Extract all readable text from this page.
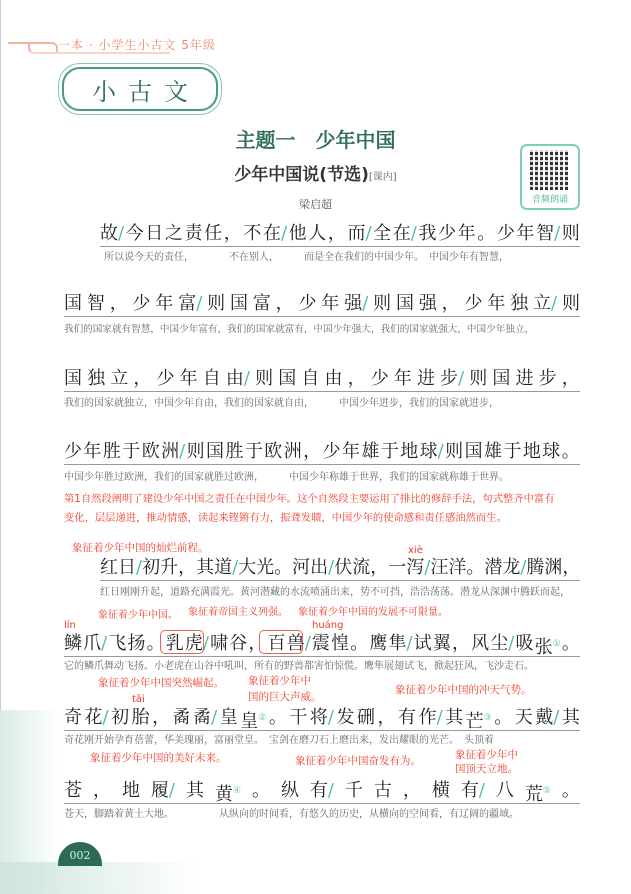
一本 · 小学生小古文 5年级
小古文
主题一　少年中国
少年中国说(节选)[课内]
梁启超	音频朗诵
故/ 今 日 之 责 任 ， 不 在/ 他 人 ， 而/ 全 在/ 我 少 年 。 少 年 智/ 则
所以说今天的责任，　　　　不在别人，　　　而是全在我们的中国少年。　中国少年有智慧，
国 智 ， 少 年 富/ 则 国 富 ， 少 年 强/ 则 国 强 ， 少 年 独 立/ 则
我们的国家就有智慧，中国少年富有，我们的国家就富有，中国少年强大，我们的国家就强大，中国少年独立，
国 独 立 ， 少 年 自 由/ 则 国 自 由 ， 少 年 进 步/ 则 国 进 步 ，
我们的国家就独立，中国少年自由，我们的国家就自由，　　　中国少年进步，我们的国家就进步，
少 年 胜 于 欧 洲/ 则 国 胜 于 欧 洲 ， 少 年 雄 于 地 球/ 则 国 雄 于 地 球 。
中国少年胜过欧洲，我们的国家就胜过欧洲，　　　中国少年称雄于世界，我们的国家就称雄于世界。
第1自然段阐明了建设少年中国之责任在中国少年。这个自然段主要运用了排比的修辞手法，句式整齐中富有
变化，层层递进，推动情感，读起来铿锵有力，振聋发聩，中国少年的使命感和责任感油然而生。
象征着少年中国的灿烂前程。	xiè
红 日/ 初 升 ， 其 道/ 大 光 。 河 出/ 伏 流 ， 一 泻/ 汪 洋 。 潜 龙/ 腾 渊 ，
红日刚刚升起，道路充满霞光。黄河潜藏的水流喷涌出来，势不可挡，浩浩荡荡。潜龙从深渊中腾跃而起，
象征着少年中国。 象征着帝国主义列强。 象征着少年中国的发展不可限量。
lín	huáng
鳞 爪/ 飞 扬 。 乳 虎/ 啸 谷 ， 百 兽/ 震 惶 。 鹰 隼/ 试 翼 ， 风 尘/ 吸 张① 。
它的鳞爪舞动飞扬。小老虎在山谷中吼叫，所有的野兽都害怕惊慌。鹰隼展翅试飞，掀起狂风，飞沙走石。
象征着少年中国突然崛起。 象征着少年中
国的巨大声威。
象征着少年中国的冲天气势。
tāi
奇 花/ 初 胎 ， 矞 矞/ 皇 皇② 。 干 将/ 发 硎 ， 有 作/ 其 芒③ 。 天 戴/ 其
奇花刚开始孕育蓓蕾，华美瑰丽，富丽堂皇。　宝剑在磨刀石上磨出来，发出耀眼的光芒。　头顶着
象征着少年中国的美好未来。	象征着少年中国奋发有为。	象征着少年中
国顶天立地。
苍 ， 地 履/ 其 黄④ 。 纵 有/ 千 古 ， 横 有/ 八 荒⑤ 。
苍天，脚踏着黄土大地。　　　　　从纵向的时间看，有悠久的历史，从横向的空间看，有辽阔的疆域。
002
